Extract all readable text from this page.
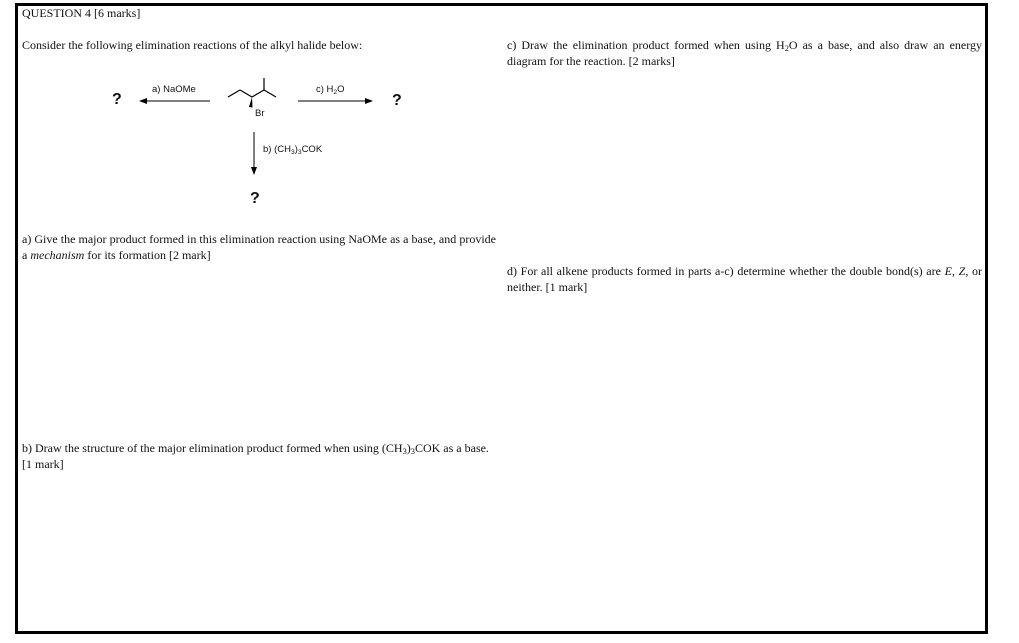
QUESTION 4 [6 marks]
Consider the following elimination reactions of the alkyl halide below:	c) Draw the elimination product formed when using $H_2O$ as a base, and also draw an energy diagram for the reaction. [2 marks]
Br
a) NaOMe	c) $H_2O$
b) $(CH_3)_3COK$
?	?
?
a) Give the major product formed in this elimination reaction using NaOMe as a base, and provide a mechanism for its formation [2 mark]
d) For all alkene products formed in parts a-c) determine whether the double bond(s) are E, Z, or neither. [1 mark]
b) Draw the structure of the major elimination product formed when using $(CH_3)_3COK$ as a base. [1 mark]
